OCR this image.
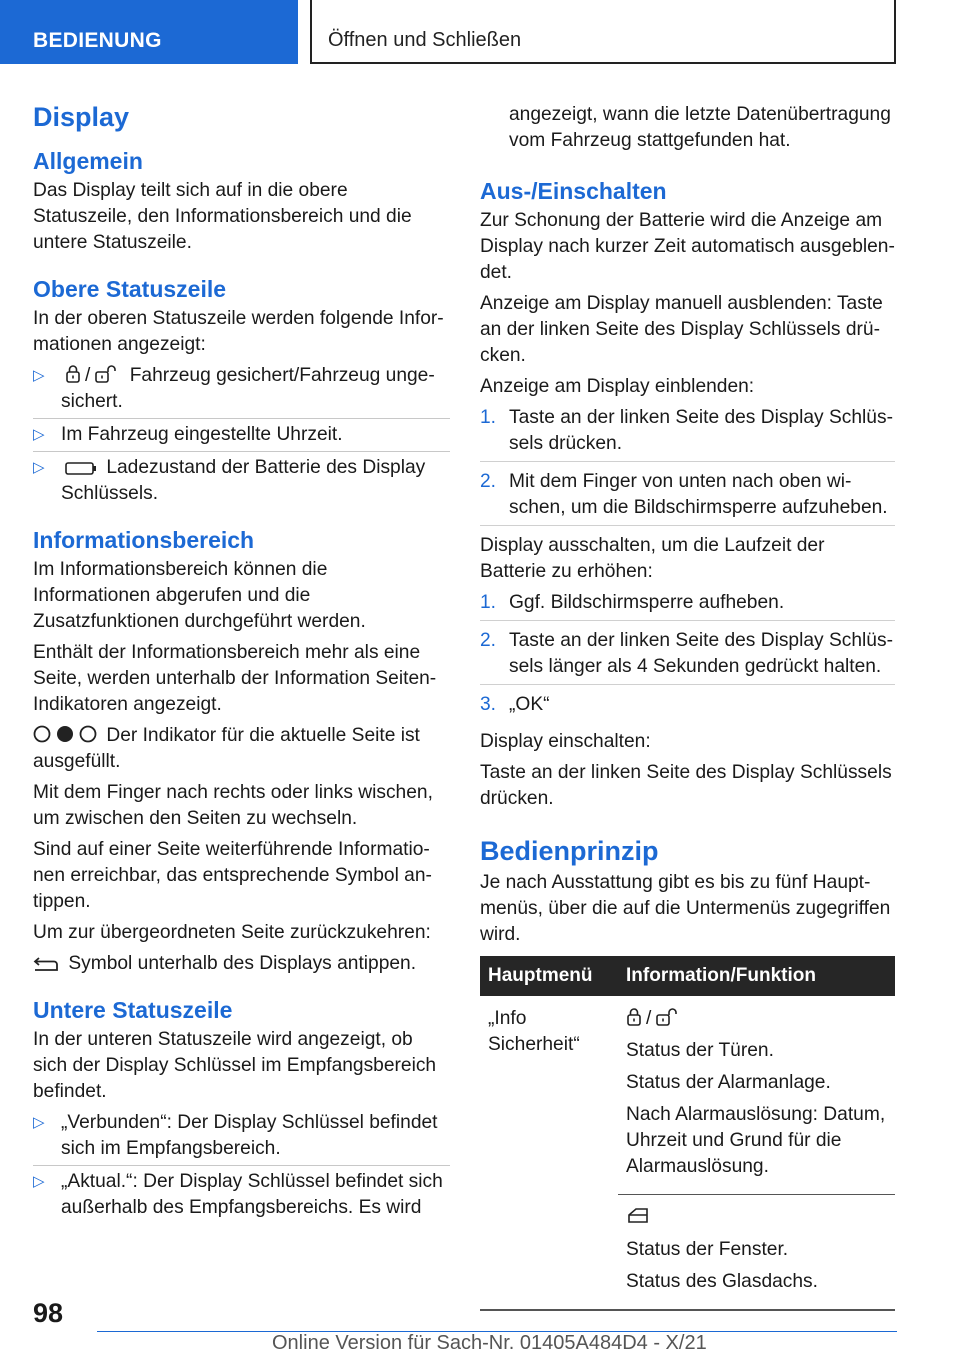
BEDIENUNG	Öffnen und Schließen
Display
Allgemein

Das Display teilt sich auf in die obere Statuszeile, den Informationsbereich und die untere Statuszeile.

Obere Statuszeile

In der oberen Statuszeile werden folgende Informationen angezeigt:

▷ / Fahrzeug gesichert/Fahrzeug ungesichert.
▷ Im Fahrzeug eingestellte Uhrzeit.
▷	Ladezustand der Batterie des Display Schlüssels.
Informationsbereich

Im Informationsbereich können die Informationen abgerufen und die Zusatzfunktionen durchgeführt werden.

Enthält der Informationsbereich mehr als eine Seite, werden unterhalb der Information Seiten-Indikatoren angezeigt.

Der Indikator für die aktuelle Seite ist ausgefüllt.

Mit dem Finger nach rechts oder links wischen, um zwischen den Seiten zu wechseln.

Sind auf einer Seite weiterführende Informationen erreichbar, das entsprechende Symbol antippen.

Um zur übergeordneten Seite zurückzukehren:

Symbol unterhalb des Displays antippen.

Untere Statuszeile

In der unteren Statuszeile wird angezeigt, ob sich der Display Schlüssel im Empfangsbereich befindet.

▷ „Verbunden“: Der Display Schlüssel befindet sich im Empfangsbereich.
▷ „Aktual.“: Der Display Schlüssel befindet sich außerhalb des Empfangsbereichs. Es wird

angezeigt, wann die letzte Datenübertragung vom Fahrzeug stattgefunden hat.

Aus-/Einschalten

Zur Schonung der Batterie wird die Anzeige am Display nach kurzer Zeit automatisch ausgeblendet.

Anzeige am Display manuell ausblenden: Taste an der linken Seite des Display Schlüssels drücken.

Anzeige am Display einblenden:

1. Taste an der linken Seite des Display Schlüssels drücken.
2. Mit dem Finger von unten nach oben wischen, um die Bildschirmsperre aufzuheben.

Display ausschalten, um die Laufzeit der Batterie zu erhöhen:

1. Ggf. Bildschirmsperre aufheben.
2. Taste an der linken Seite des Display Schlüssels länger als 4 Sekunden gedrückt halten.
3. „OK“

Display einschalten:

Taste an der linken Seite des Display Schlüssels drücken.

Bedienprinzip

Je nach Ausstattung gibt es bis zu fünf Hauptmenüs, über die auf die Untermenüs zugegriffen wird.

Hauptmenü	Information/Funktion
„Info Sicherheit“	/

Status der Türen.

Status der Alarmanlage.

Nach Alarmauslösung: Datum, Uhrzeit und Grund für die Alarmauslösung.

	Status der Fenster.

Status des Glasdachs.

98
Online Version für Sach-Nr. 01405A484D4 - X/21
